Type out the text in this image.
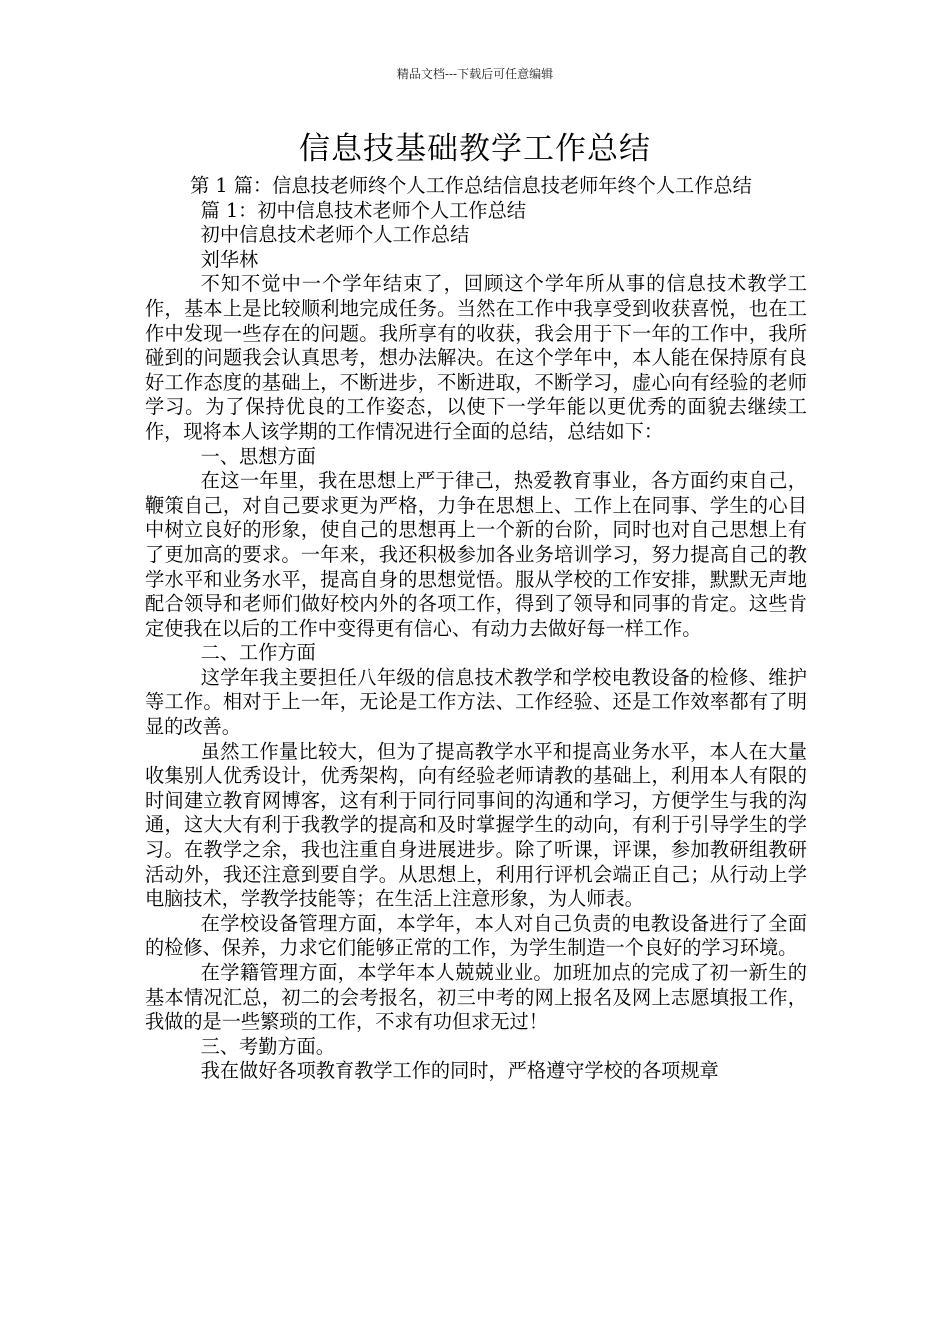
精品文档---下载后可任意编辑
信息技基础教学工作总结

第 1 篇：信息技老师终个人工作总结信息技老师年终个人工作总结

篇 1：初中信息技术老师个人工作总结

初中信息技术老师个人工作总结

刘华林

不知不觉中一个学年结束了，回顾这个学年所从事的信息技术教学工作，基本上是比较顺利地完成任务。当然在工作中我享受到收获喜悦，也在工作中发现一些存在的问题。我所享有的收获，我会用于下一年的工作中，我所碰到的问题我会认真思考，想办法解决。在这个学年中，本人能在保持原有良好工作态度的基础上，不断进步，不断进取，不断学习，虚心向有经验的老师学习。为了保持优良的工作姿态，以使下一学年能以更优秀的面貌去继续工作，现将本人该学期的工作情况进行全面的总结，总结如下：

一、思想方面

在这一年里，我在思想上严于律己，热爱教育事业，各方面约束自己，鞭策自己，对自己要求更为严格，力争在思想上、工作上在同事、学生的心目中树立良好的形象，使自己的思想再上一个新的台阶，同时也对自己思想上有了更加高的要求。一年来，我还积极参加各业务培训学习，努力提高自己的教学水平和业务水平，提高自身的思想觉悟。服从学校的工作安排，默默无声地配合领导和老师们做好校内外的各项工作，得到了领导和同事的肯定。这些肯定使我在以后的工作中变得更有信心、有动力去做好每一样工作。

二、工作方面

这学年我主要担任八年级的信息技术教学和学校电教设备的检修、维护等工作。相对于上一年，无论是工作方法、工作经验、还是工作效率都有了明显的改善。

虽然工作量比较大，但为了提高教学水平和提高业务水平，本人在大量收集别人优秀设计，优秀架构，向有经验老师请教的基础上，利用本人有限的时间建立教育网博客，这有利于同行同事间的沟通和学习，方便学生与我的沟通，这大大有利于我教学的提高和及时掌握学生的动向，有利于引导学生的学习。在教学之余，我也注重自身进展进步。除了听课，评课，参加教研组教研活动外，我还注意到要自学。从思想上，利用行评机会端正自己；从行动上学电脑技术，学教学技能等；在生活上注意形象，为人师表。

在学校设备管理方面，本学年，本人对自己负责的电教设备进行了全面的检修、保养，力求它们能够正常的工作，为学生制造一个良好的学习环境。

在学籍管理方面，本学年本人兢兢业业。加班加点的完成了初一新生的基本情况汇总，初二的会考报名，初三中考的网上报名及网上志愿填报工作，我做的是一些繁琐的工作，不求有功但求无过！

三、考勤方面。

我在做好各项教育教学工作的同时，严格遵守学校的各项规章
